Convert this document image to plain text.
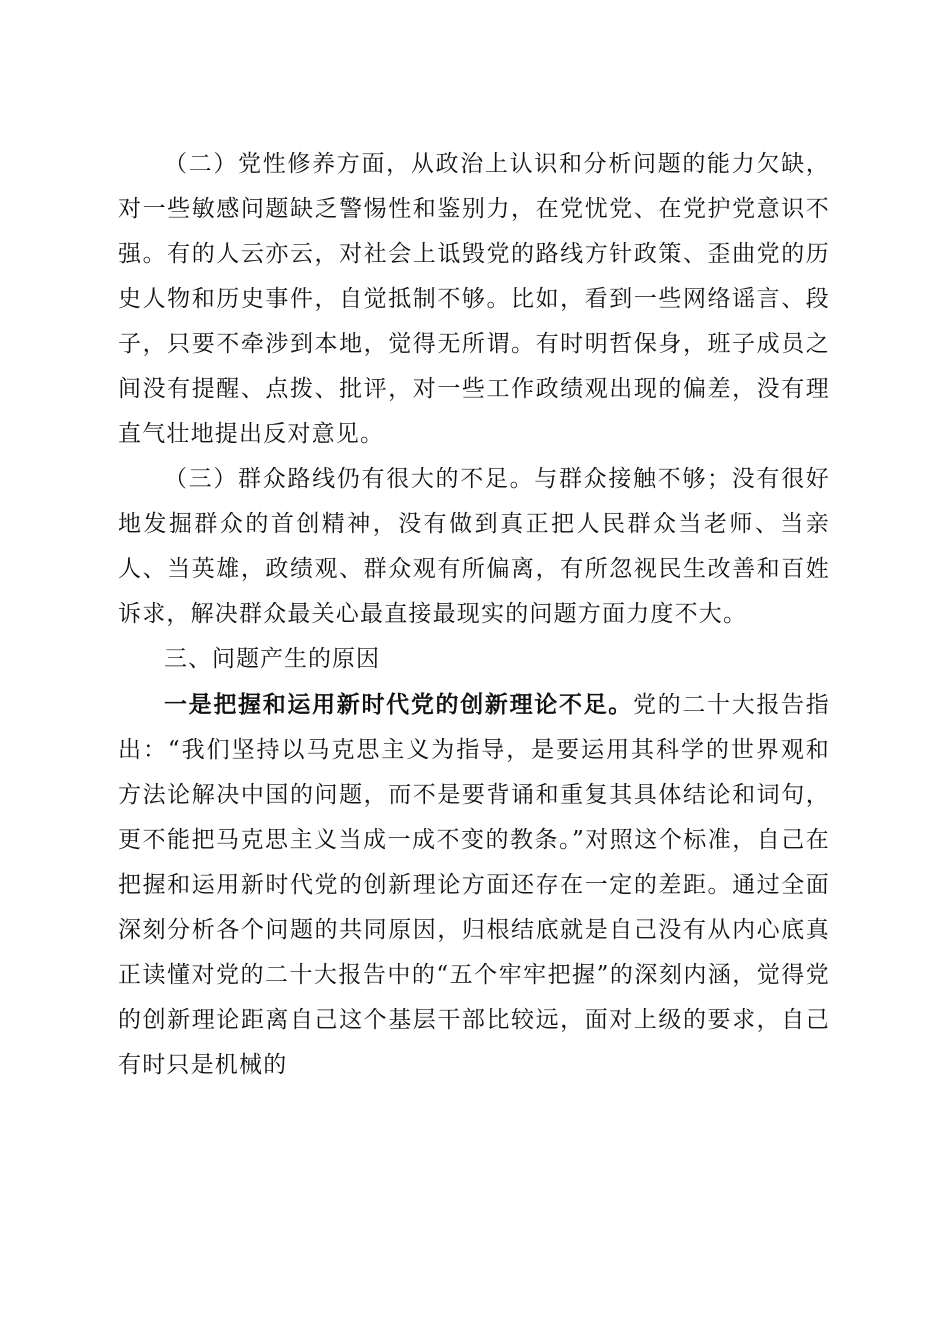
（二）党性修养方面，从政治上认识和分析问题的能力欠缺，对一些敏感问题缺乏警惕性和鉴别力，在党忧党、在党护党意识不强。有的人云亦云，对社会上诋毁党的路线方针政策、歪曲党的历史人物和历史事件，自觉抵制不够。比如，看到一些网络谣言、段子，只要不牵涉到本地，觉得无所谓。有时明哲保身，班子成员之间没有提醒、点拨、批评，对一些工作政绩观出现的偏差，没有理直气壮地提出反对意见。

（三）群众路线仍有很大的不足。与群众接触不够；没有很好地发掘群众的首创精神，没有做到真正把人民群众当老师、当亲人、当英雄，政绩观、群众观有所偏离，有所忽视民生改善和百姓诉求，解决群众最关心最直接最现实的问题方面力度不大。

三、问题产生的原因

一是把握和运用新时代党的创新理论不足。党的二十大报告指出：“我们坚持以马克思主义为指导，是要运用其科学的世界观和方法论解决中国的问题，而不是要背诵和重复其具体结论和词句，更不能把马克思主义当成一成不变的教条。”对照这个标准，自己在把握和运用新时代党的创新理论方面还存在一定的差距。通过全面深刻分析各个问题的共同原因，归根结底就是自己没有从内心底真正读懂对党的二十大报告中的“五个牢牢把握”的深刻内涵，觉得党的创新理论距离自己这个基层干部比较远，面对上级的要求，自己有时只是机械的
